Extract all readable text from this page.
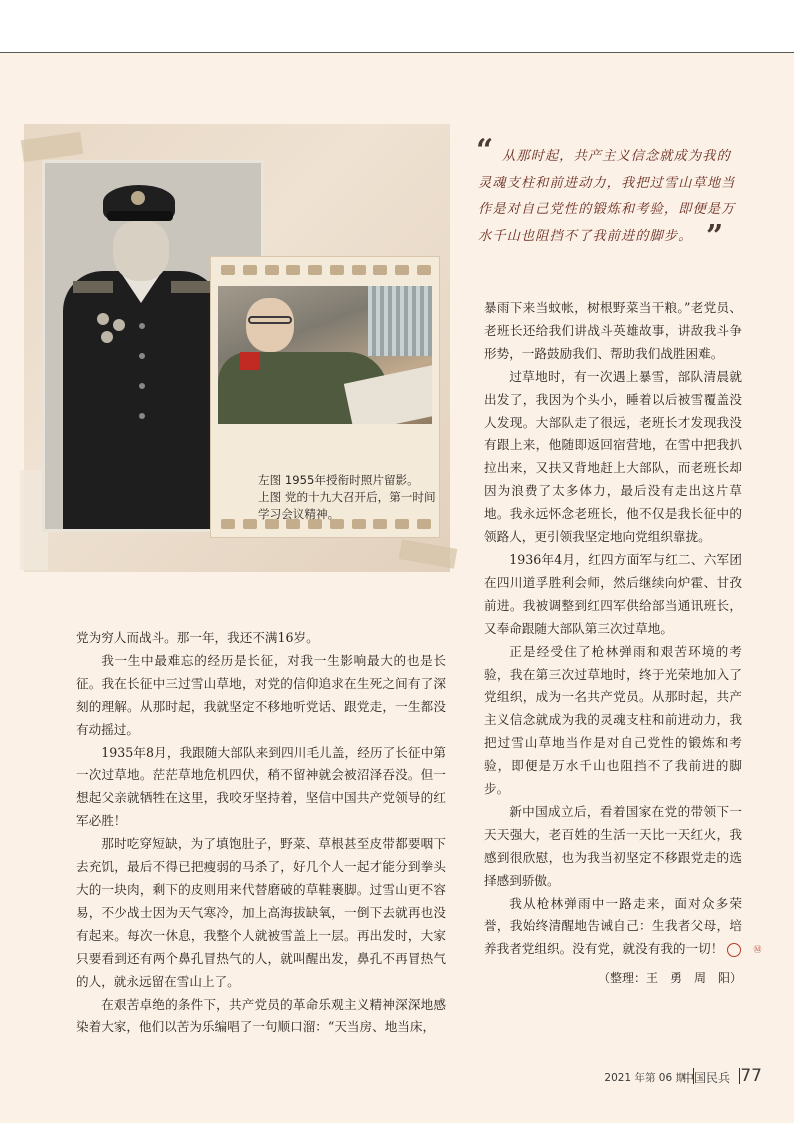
左图 1955年授衔时照片留影。
上图 党的十九大召开后，第一时间学习会议精神。
“ 从那时起，共产主义信念就成为我的灵魂支柱和前进动力，我把过雪山草地当作是对自己党性的锻炼和考验，即便是万水千山也阻挡不了我前进的脚步。 ”

党为穷人而战斗。那一年，我还不满16岁。

我一生中最难忘的经历是长征，对我一生影响最大的也是长征。我在长征中三过雪山草地，对党的信仰追求在生死之间有了深刻的理解。从那时起，我就坚定不移地听党话、跟党走，一生都没有动摇过。

1935年8月，我跟随大部队来到四川毛儿盖，经历了长征中第一次过草地。茫茫草地危机四伏，稍不留神就会被沼泽吞没。但一想起父亲就牺牲在这里，我咬牙坚持着，坚信中国共产党领导的红军必胜！

那时吃穿短缺，为了填饱肚子，野菜、草根甚至皮带都要咽下去充饥，最后不得已把瘦弱的马杀了，好几个人一起才能分到拳头大的一块肉，剩下的皮则用来代替磨破的草鞋裹脚。过雪山更不容易，不少战士因为天气寒冷，加上高海拔缺氧，一倒下去就再也没有起来。每次一休息，我整个人就被雪盖上一层。再出发时，大家只要看到还有两个鼻孔冒热气的人，就叫醒出发，鼻孔不再冒热气的人，就永远留在雪山上了。

在艰苦卓绝的条件下，共产党员的革命乐观主义精神深深地感染着大家，他们以苦为乐编唱了一句顺口溜：“天当房、地当床，

暴雨下来当蚊帐，树根野菜当干粮。”老党员、老班长还给我们讲战斗英雄故事，讲敌我斗争形势，一路鼓励我们、帮助我们战胜困难。

过草地时，有一次遇上暴雪，部队清晨就出发了，我因为个头小，睡着以后被雪覆盖没人发现。大部队走了很远，老班长才发现我没有跟上来，他随即返回宿营地，在雪中把我扒拉出来，又扶又背地赶上大部队，而老班长却因为浪费了太多体力，最后没有走出这片草地。我永远怀念老班长，他不仅是我长征中的领路人，更引领我坚定地向党组织靠拢。

1936年4月，红四方面军与红二、六军团在四川道孚胜利会师，然后继续向炉霍、甘孜前进。我被调整到红四军供给部当通讯班长，又奉命跟随大部队第三次过草地。

正是经受住了枪林弹雨和艰苦环境的考验，我在第三次过草地时，终于光荣地加入了党组织，成为一名共产党员。从那时起，共产主义信念就成为我的灵魂支柱和前进动力，我把过雪山草地当作是对自己党性的锻炼和考验，即便是万水千山也阻挡不了我前进的脚步。

新中国成立后，看着国家在党的带领下一天天强大，老百姓的生活一天比一天红火，我感到很欣慰，也为我当初坚定不移跟党走的选择感到骄傲。

我从枪林弹雨中一路走来，面对众多荣誉，我始终清醒地告诫自己：生我者父母，培养我者党组织。没有党，就没有我的一切！	Ⓜ

（整理：王　勇　周　阳）
2021 年第 06 期
中国民兵 77
